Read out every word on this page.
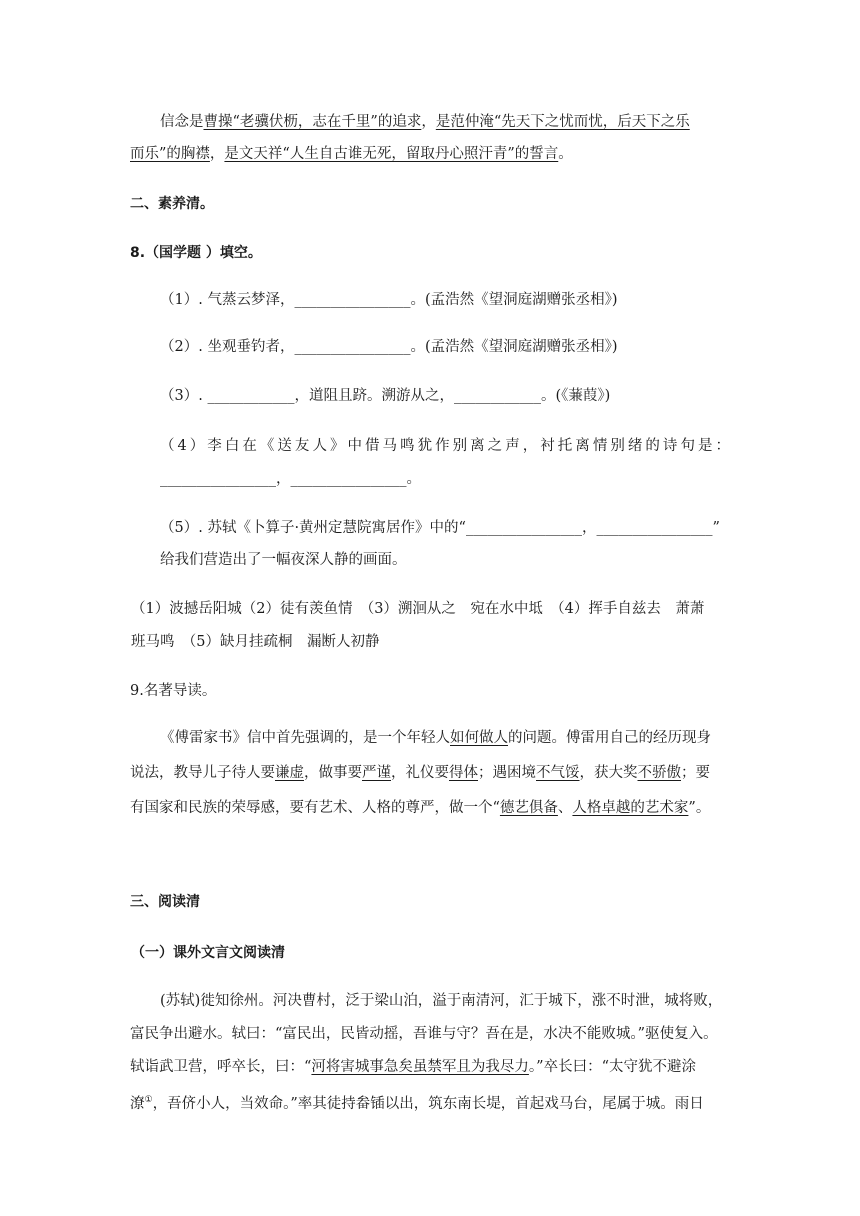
信念是曹操“老骥伏枥，志在千里”的追求，是范仲淹“先天下之忧而忧，后天下之乐
而乐”的胸襟，是文天祥“人生自古谁无死，留取丹心照汗青”的誓言。
二、素养清。
8.（国学题 ）填空。
（1）. 气蒸云梦泽，________________。(孟浩然《望洞庭湖赠张丞相》)
（2）. 坐观垂钓者，________________。(孟浩然《望洞庭湖赠张丞相》)
（3）. ____________，道阻且跻。溯游从之，____________。(《蒹葭》)
（4）李白在《送友人》中借马鸣犹作别离之声，衬托离情别绪的诗句是：
________________，________________。
（5）. 苏轼《卜算子·黄州定慧院寓居作》中的“________________，________________”
给我们营造出了一幅夜深人静的画面。
（1）波撼岳阳城（2）徒有羡鱼情　（3）溯洄从之　宛在水中坻　（4）挥手自兹去　萧萧
班马鸣　（5）缺月挂疏桐　漏断人初静
9.名著导读。
《傅雷家书》信中首先强调的，是一个年轻人如何做人的问题。傅雷用自己的经历现身
说法，教导儿子待人要谦虚，做事要严谨，礼仪要得体；遇困境不气馁，获大奖不骄傲；要
有国家和民族的荣辱感，要有艺术、人格的尊严，做一个“德艺俱备、人格卓越的艺术家”。
三、阅读清
（一）课外文言文阅读清
(苏轼)徙知徐州。河决曹村，泛于梁山泊，溢于南清河，汇于城下，涨不时泄，城将败，
富民争出避水。轼曰：“富民出，民皆动摇，吾谁与守？吾在是，水决不能败城。”驱使复入。
轼诣武卫营，呼卒长，曰：“河将害城事急矣虽禁军且为我尽力。”卒长曰：“太守犹不避涂
潦①，吾侪小人，当效命。”率其徒持畚锸以出，筑东南长堤，首起戏马台，尾属于城。雨日
